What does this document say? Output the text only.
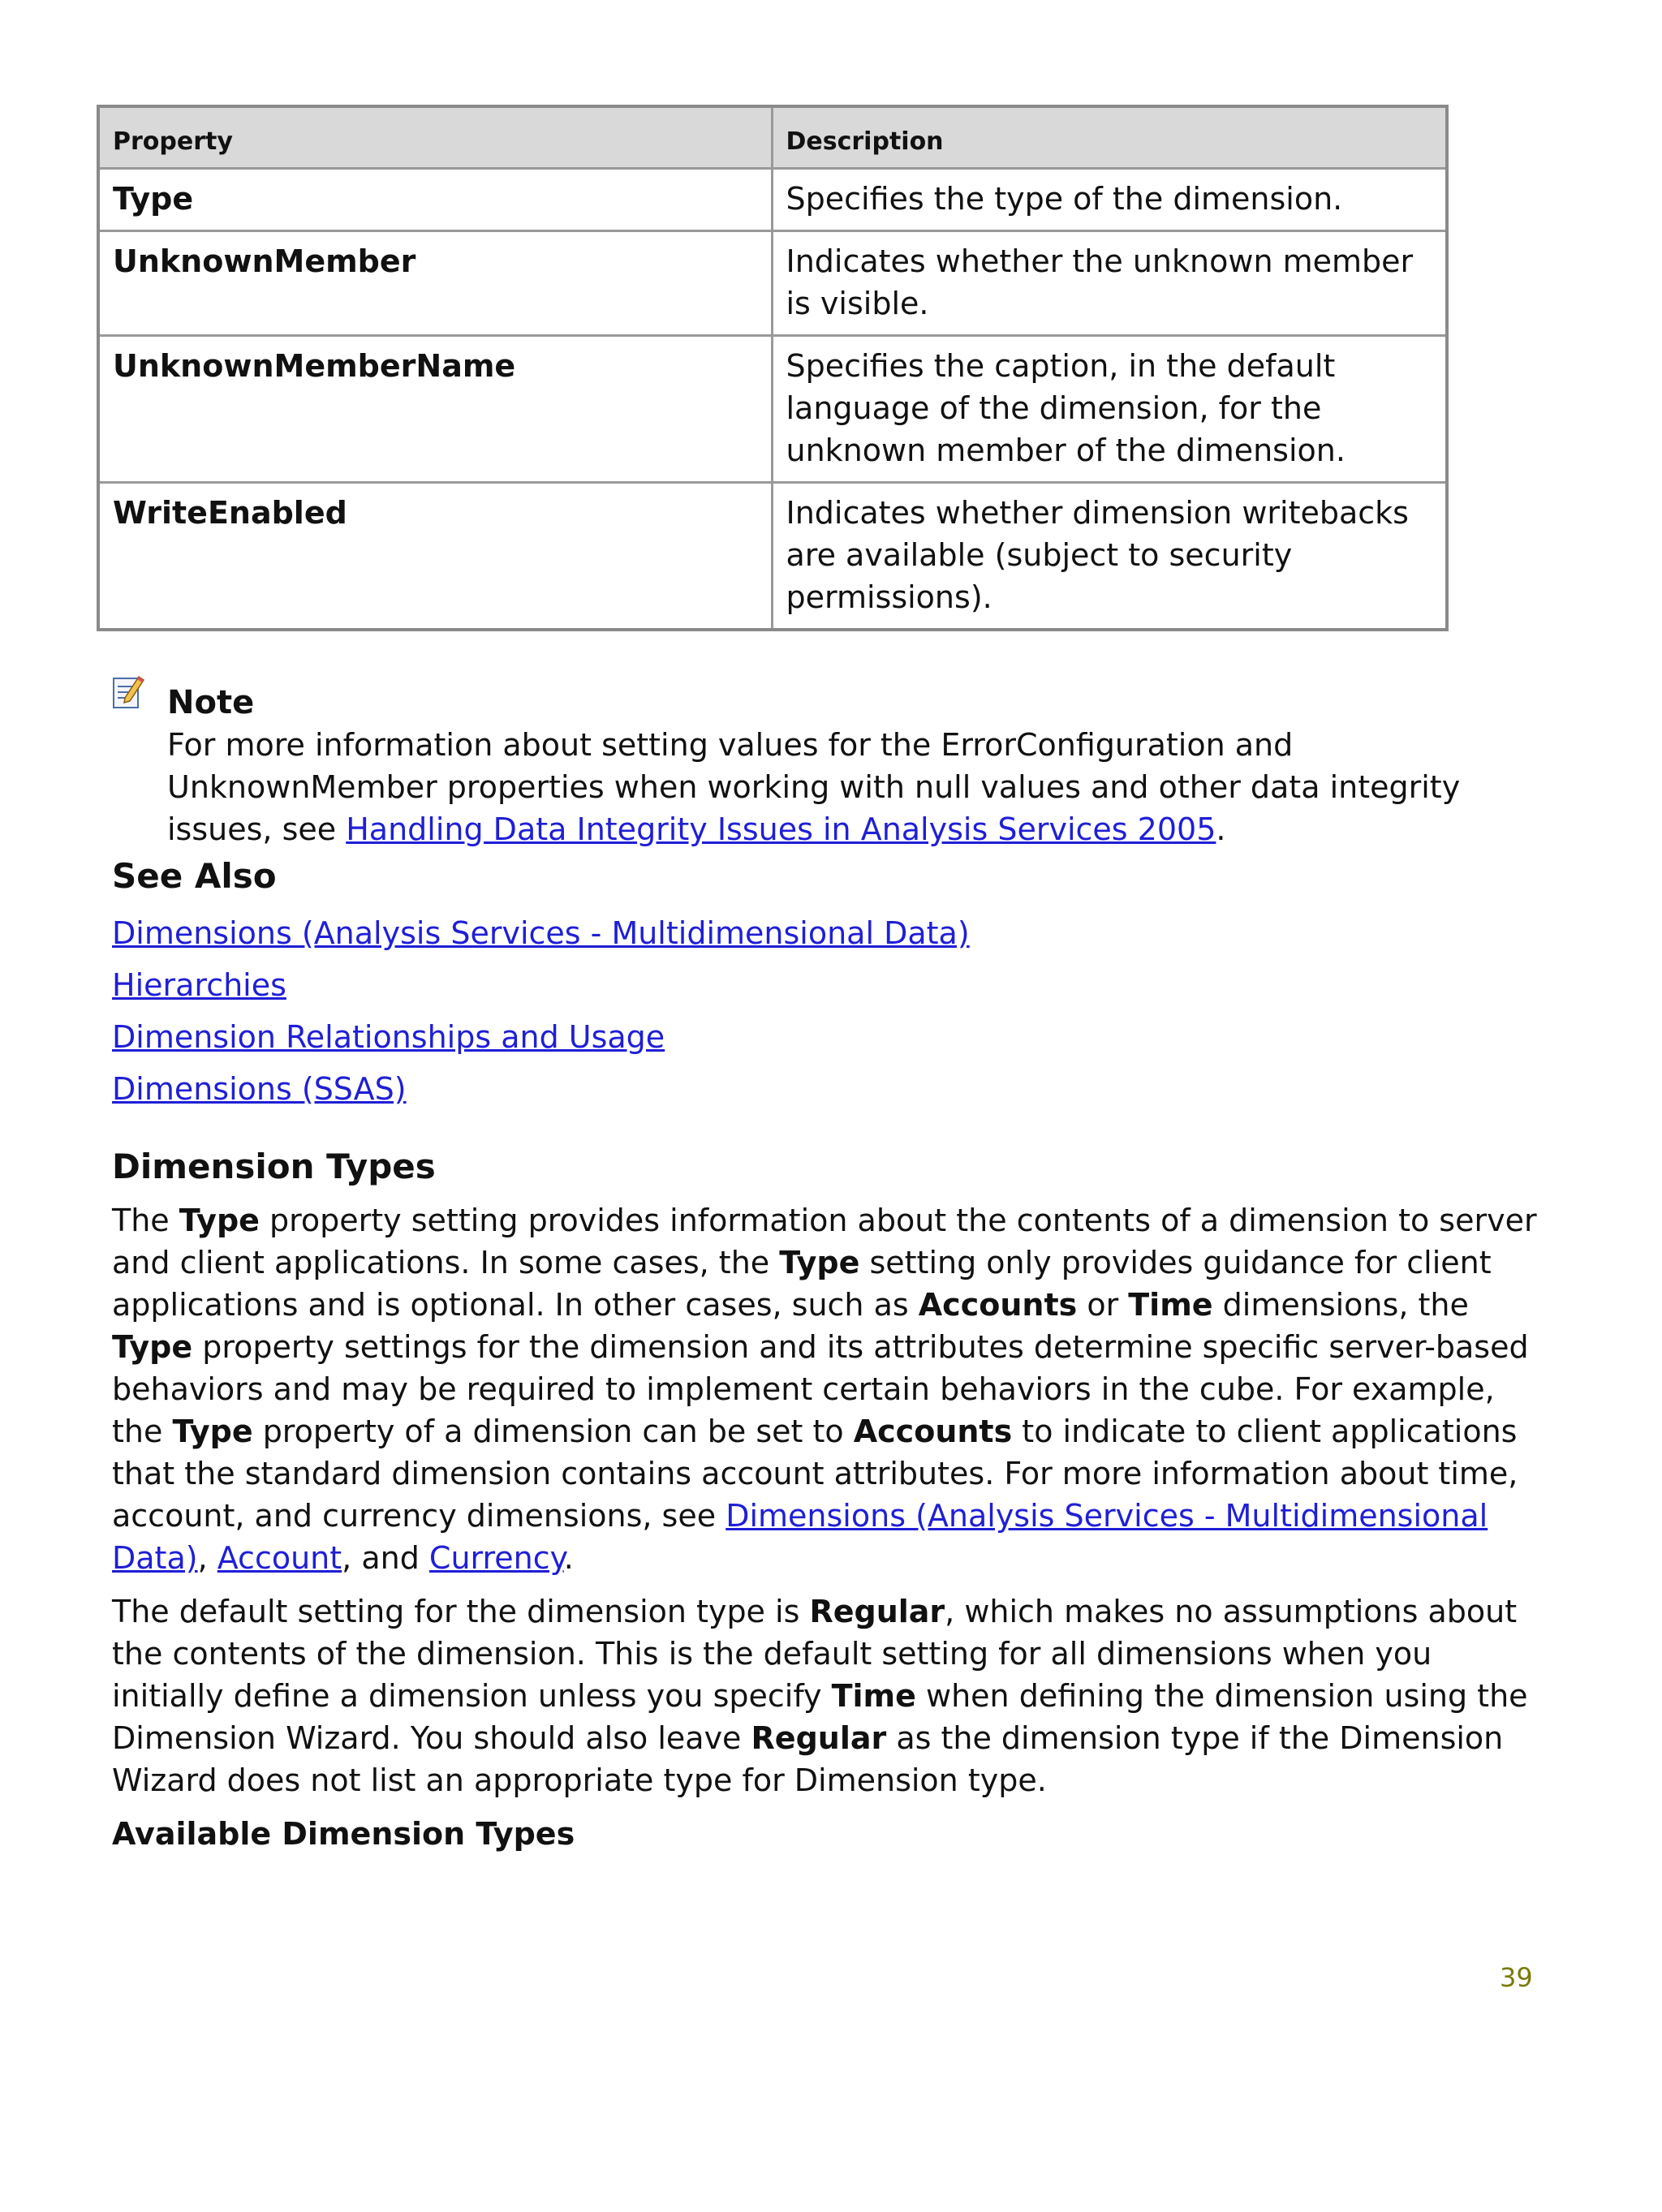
Property	Description
Type	Specifies the type of the dimension.
UnknownMember	Indicates whether the unknown member is visible.
UnknownMemberName	Specifies the caption, in the default language of the dimension, for the unknown member of the dimension.
WriteEnabled	Indicates whether dimension writebacks are available (subject to security permissions).
Note
For more information about setting values for the ErrorConfiguration and UnknownMember properties when working with null values and other data integrity issues, see Handling Data Integrity Issues in Analysis Services 2005.
See Also
Dimensions (Analysis Services - Multidimensional Data)
Hierarchies
Dimension Relationships and Usage
Dimensions (SSAS)
Dimension Types
The Type property setting provides information about the contents of a dimension to server and client applications. In some cases, the Type setting only provides guidance for client applications and is optional. In other cases, such as Accounts or Time dimensions, the Type property settings for the dimension and its attributes determine specific server-based behaviors and may be required to implement certain behaviors in the cube. For example, the Type property of a dimension can be set to Accounts to indicate to client applications that the standard dimension contains account attributes. For more information about time, account, and currency dimensions, see Dimensions (Analysis Services - Multidimensional Data), Account, and Currency.
The default setting for the dimension type is Regular, which makes no assumptions about the contents of the dimension. This is the default setting for all dimensions when you initially define a dimension unless you specify Time when defining the dimension using the Dimension Wizard. You should also leave Regular as the dimension type if the Dimension Wizard does not list an appropriate type for Dimension type.
Available Dimension Types
39
